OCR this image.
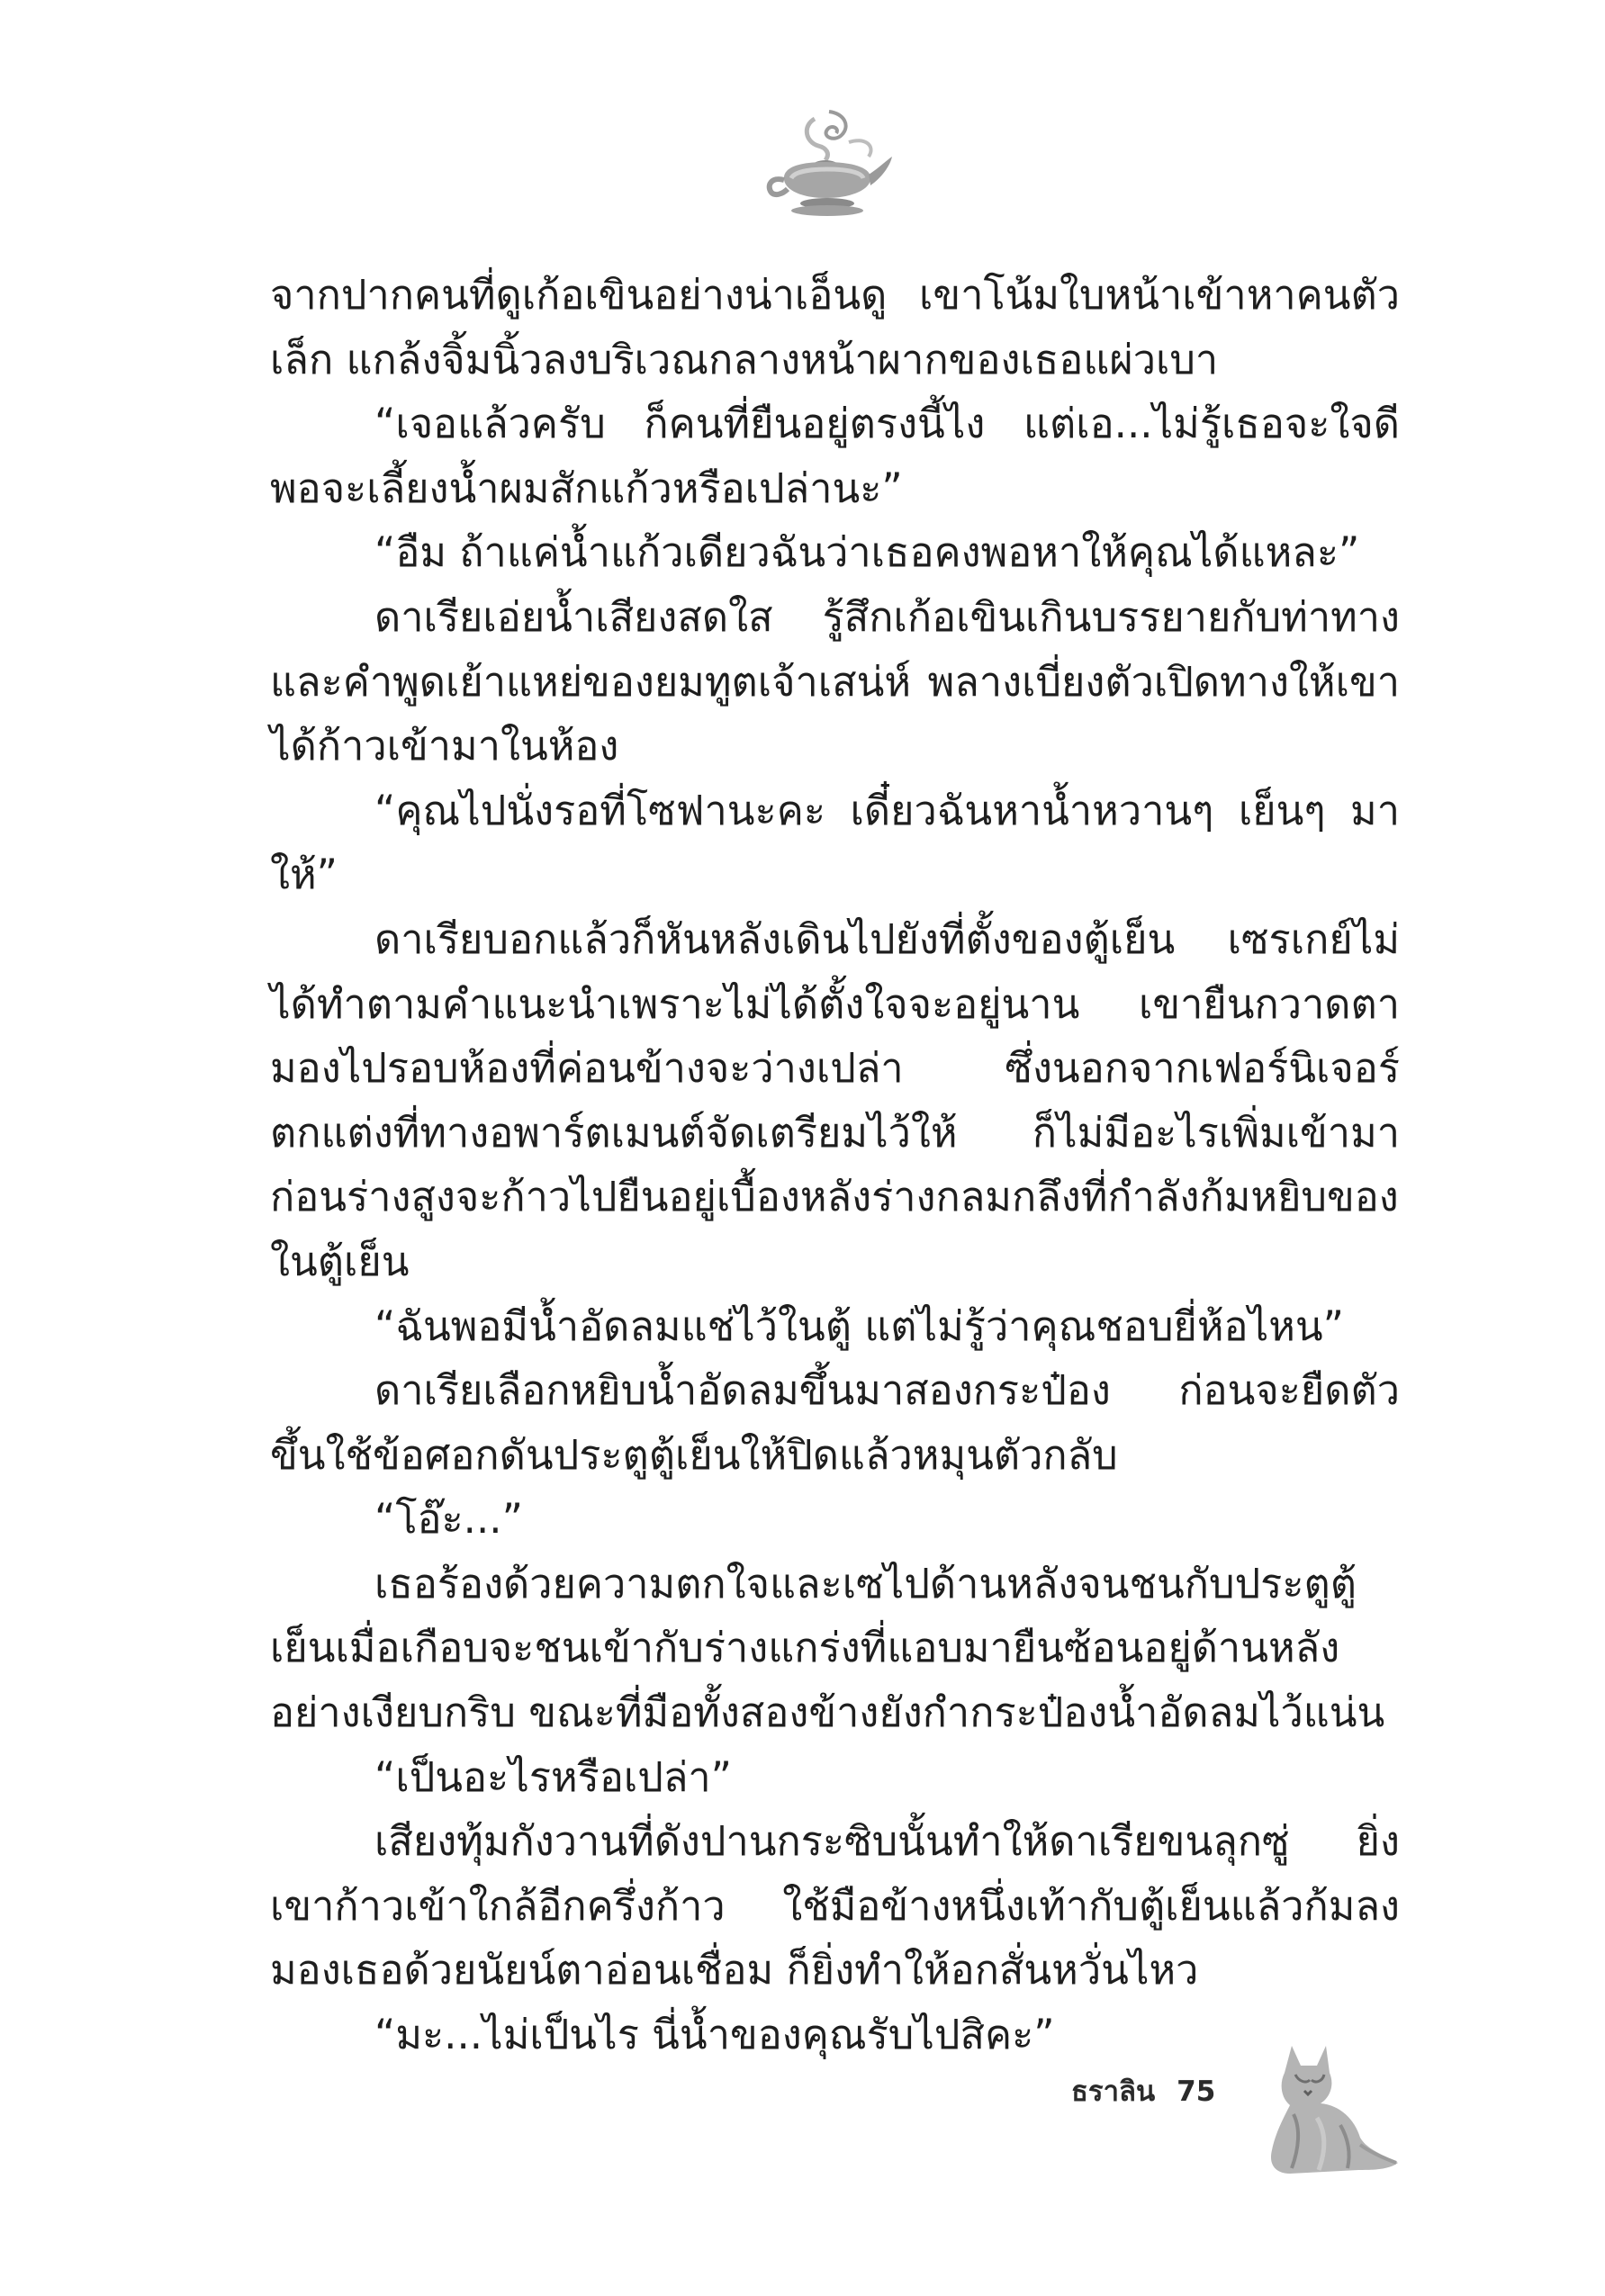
จากปากคนที่ดูเก้อเขินอย่างน่าเอ็นดู เขาโน้มใบหน้าเข้าหาคนตัวเล็ก แกล้งจิ้มนิ้วลงบริเวณกลางหน้าผากของเธอแผ่วเบา

“เจอแล้วครับ ก็คนที่ยืนอยู่ตรงนี้ไง แต่เอ...ไม่รู้เธอจะใจดีพอจะเลี้ยงน้ำผมสักแก้วหรือเปล่านะ”

“อืม ถ้าแค่น้ำแก้วเดียวฉันว่าเธอคงพอหาให้คุณได้แหละ”

ดาเรียเอ่ยน้ำเสียงสดใส รู้สึกเก้อเขินเกินบรรยายกับท่าทางและคำพูดเย้าแหย่ของยมทูตเจ้าเสน่ห์ พลางเบี่ยงตัวเปิดทางให้เขาได้ก้าวเข้ามาในห้อง

“คุณไปนั่งรอที่โซฟานะคะ เดี๋ยวฉันหาน้ำหวานๆ เย็นๆ มาให้”

ดาเรียบอกแล้วก็หันหลังเดินไปยังที่ตั้งของตู้เย็น เซรเกย์ไม่ได้ทำตามคำแนะนำเพราะไม่ได้ตั้งใจจะอยู่นาน เขายืนกวาดตามองไปรอบห้องที่ค่อนข้างจะว่างเปล่า ซึ่งนอกจากเฟอร์นิเจอร์ตกแต่งที่ทางอพาร์ตเมนต์จัดเตรียมไว้ให้ ก็ไม่มีอะไรเพิ่มเข้ามา ก่อนร่างสูงจะก้าวไปยืนอยู่เบื้องหลังร่างกลมกลึงที่กำลังก้มหยิบของในตู้เย็น

“ฉันพอมีน้ำอัดลมแช่ไว้ในตู้ แต่ไม่รู้ว่าคุณชอบยี่ห้อไหน”

ดาเรียเลือกหยิบน้ำอัดลมขึ้นมาสองกระป๋อง ก่อนจะยืดตัวขึ้นใช้ข้อศอกดันประตูตู้เย็นให้ปิดแล้วหมุนตัวกลับ

“โอ๊ะ...”

เธอร้องด้วยความตกใจและเซไปด้านหลังจนชนกับประตูตู้เย็นเมื่อเกือบจะชนเข้ากับร่างแกร่งที่แอบมายืนซ้อนอยู่ด้านหลังอย่างเงียบกริบ ขณะที่มือทั้งสองข้างยังกำกระป๋องน้ำอัดลมไว้แน่น

“เป็นอะไรหรือเปล่า”

เสียงทุ้มกังวานที่ดังปานกระซิบนั้นทำให้ดาเรียขนลุกซู่ ยิ่งเขาก้าวเข้าใกล้อีกครึ่งก้าว ใช้มือข้างหนึ่งเท้ากับตู้เย็นแล้วก้มลงมองเธอด้วยนัยน์ตาอ่อนเชื่อม ก็ยิ่งทำให้อกสั่นหวั่นไหว

“มะ...ไม่เป็นไร นี่น้ำของคุณรับไปสิคะ”

ธราลิน 75
